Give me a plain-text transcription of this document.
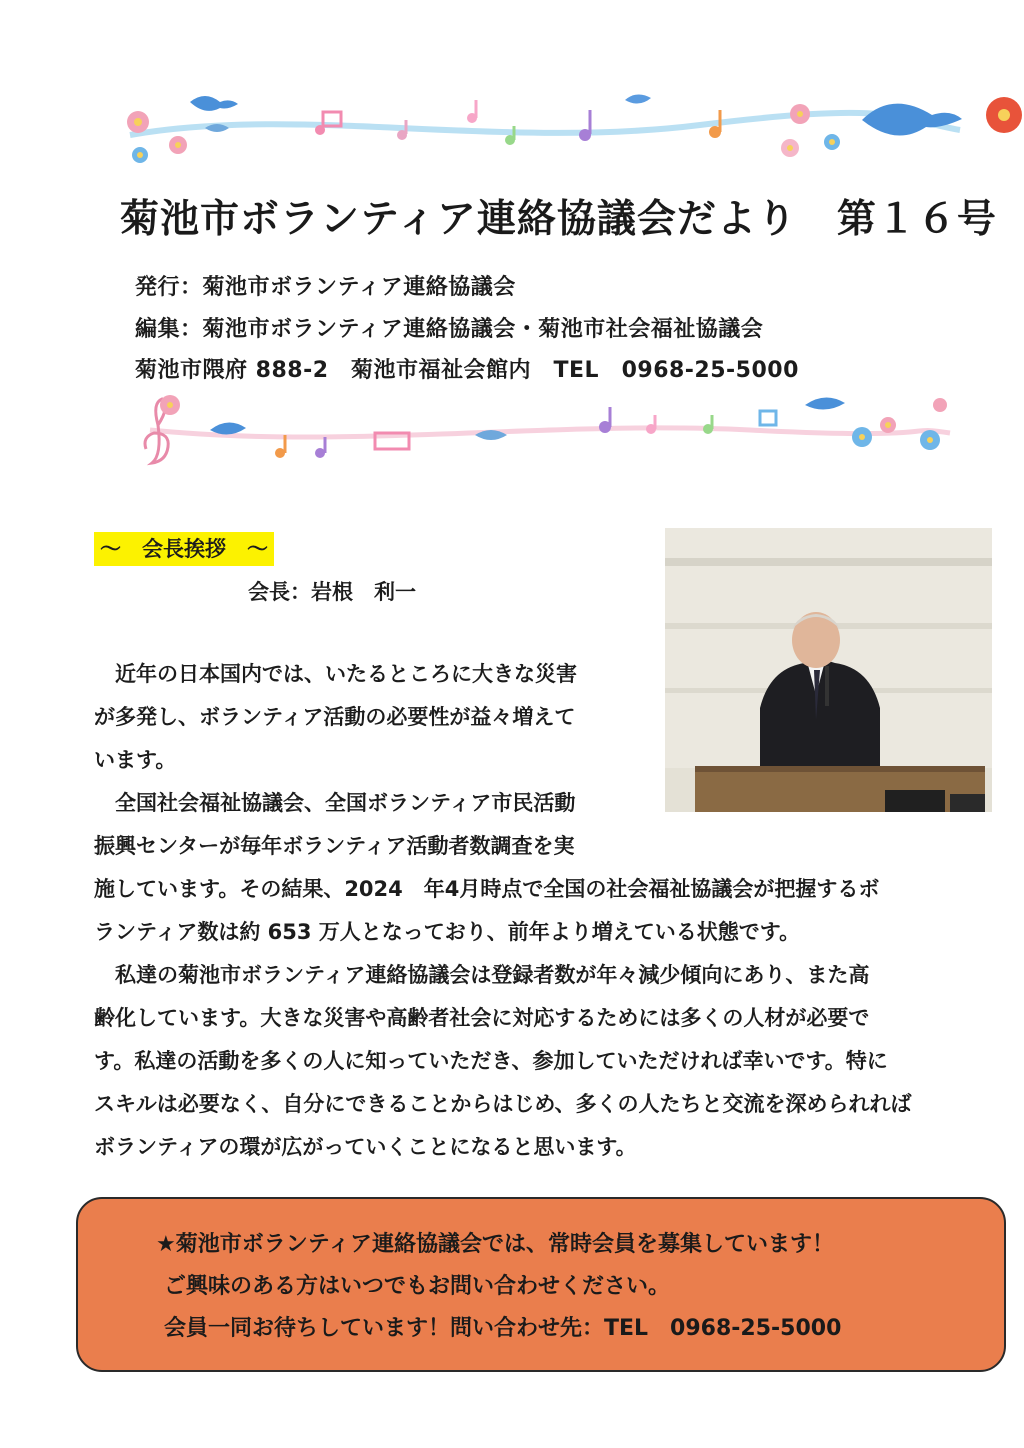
菊池市ボランティア連絡協議会だより　第１６号
発行：菊池市ボランティア連絡協議会
編集：菊池市ボランティア連絡協議会・菊池市社会福祉協議会
菊池市隈府 888-2　菊池市福祉会館内　TEL　0968-25-5000
～　会長挨拶　～
会長：岩根　利一

　近年の日本国内では、いたるところに大きな災害

が多発し、ボランティア活動の必要性が益々増えて

います。

　全国社会福祉協議会、全国ボランティア市民活動

振興センターが毎年ボランティア活動者数調査を実

施しています。その結果、2024　年4月時点で全国の社会福祉協議会が把握するボ

ランティア数は約 653 万人となっており、前年より増えている状態です。

　私達の菊池市ボランティア連絡協議会は登録者数が年々減少傾向にあり、また高

齢化しています。大きな災害や高齢者社会に対応するためには多くの人材が必要で

す。私達の活動を多くの人に知っていただき、参加していただければ幸いです。特に

スキルは必要なく、自分にできることからはじめ、多くの人たちと交流を深められれば

ボランティアの環が広がっていくことになると思います。

★菊池市ボランティア連絡協議会では、常時会員を募集しています！

ご興味のある方はいつでもお問い合わせください。

会員一同お待ちしています！問い合わせ先：TEL　0968-25-5000
